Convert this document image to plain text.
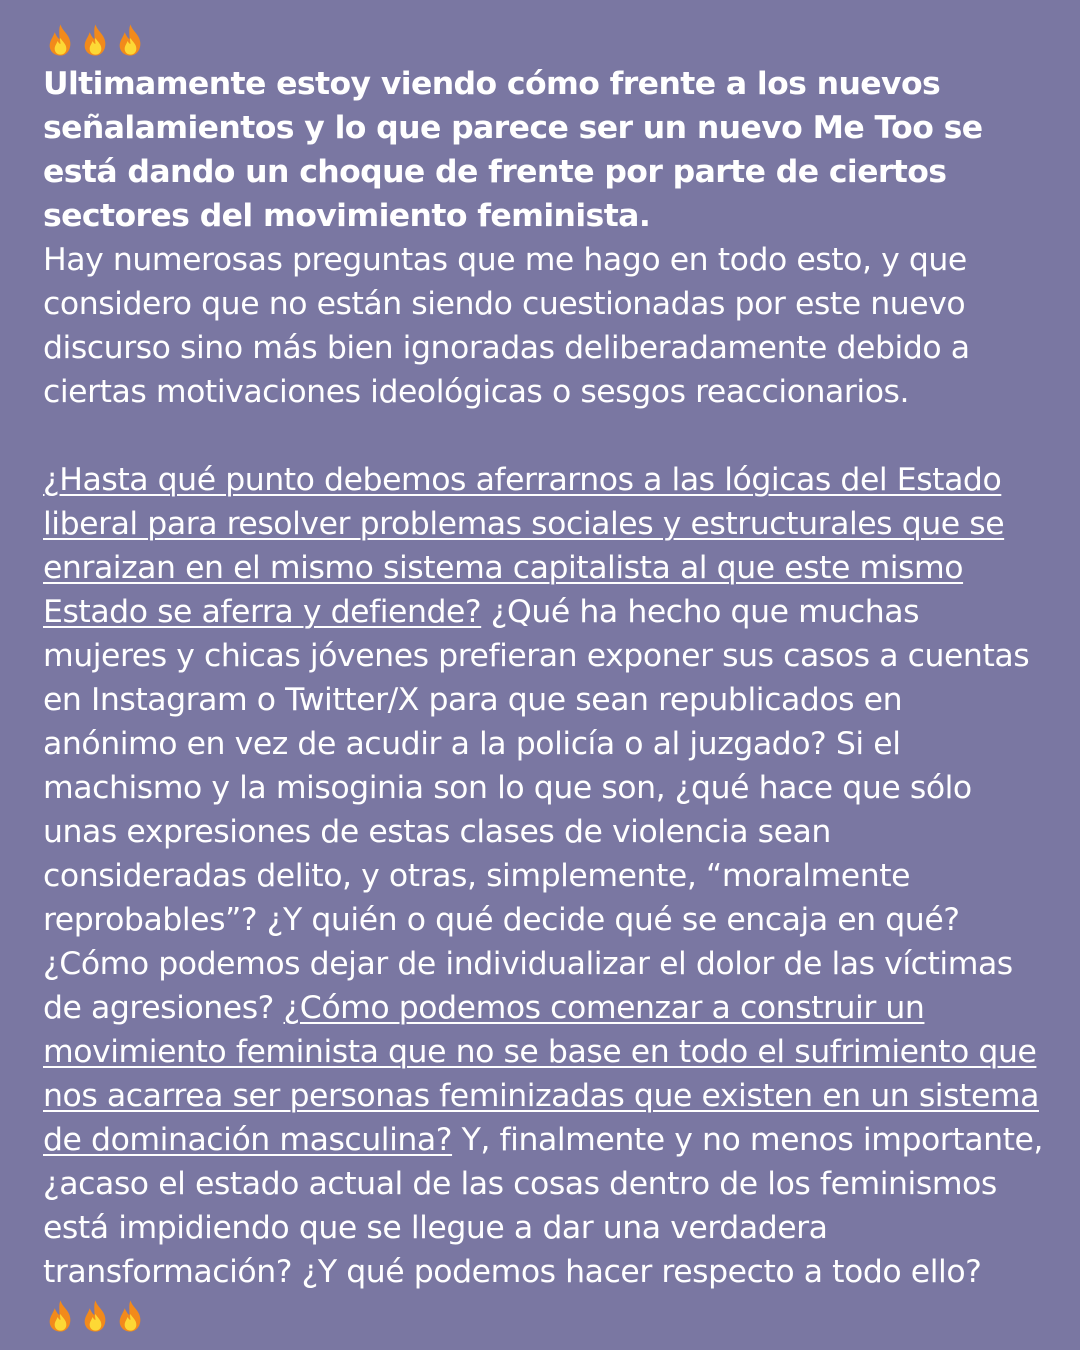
Ultimamente estoy viendo cómo frente a los nuevos señalamientos y lo que parece ser un nuevo Me Too se está dando un choque de frente por parte de ciertos sectores del movimiento feminista.

Hay numerosas preguntas que me hago en todo esto, y que considero que no están siendo cuestionadas por este nuevo discurso sino más bien ignoradas deliberadamente debido a ciertas motivaciones ideológicas o sesgos reaccionarios.

¿Hasta qué punto debemos aferrarnos a las lógicas del Estado liberal para resolver problemas sociales y estructurales que se enraizan en el mismo sistema capitalista al que este mismo Estado se aferra y defiende? ¿Qué ha hecho que muchas mujeres y chicas jóvenes prefieran exponer sus casos a cuentas en Instagram o Twitter/X para que sean republicados en anónimo en vez de acudir a la policía o al juzgado? Si el machismo y la misoginia son lo que son, ¿qué hace que sólo unas expresiones de estas clases de violencia sean consideradas delito, y otras, simplemente, “moralmente reprobables”? ¿Y quién o qué decide qué se encaja en qué? ¿Cómo podemos dejar de individualizar el dolor de las víctimas de agresiones? ¿Cómo podemos comenzar a construir un movimiento feminista que no se base en todo el sufrimiento que nos acarrea ser personas feminizadas que existen en un sistema de dominación masculina? Y, finalmente y no menos importante, ¿acaso el estado actual de las cosas dentro de los feminismos está impidiendo que se llegue a dar una verdadera transformación? ¿Y qué podemos hacer respecto a todo ello?
